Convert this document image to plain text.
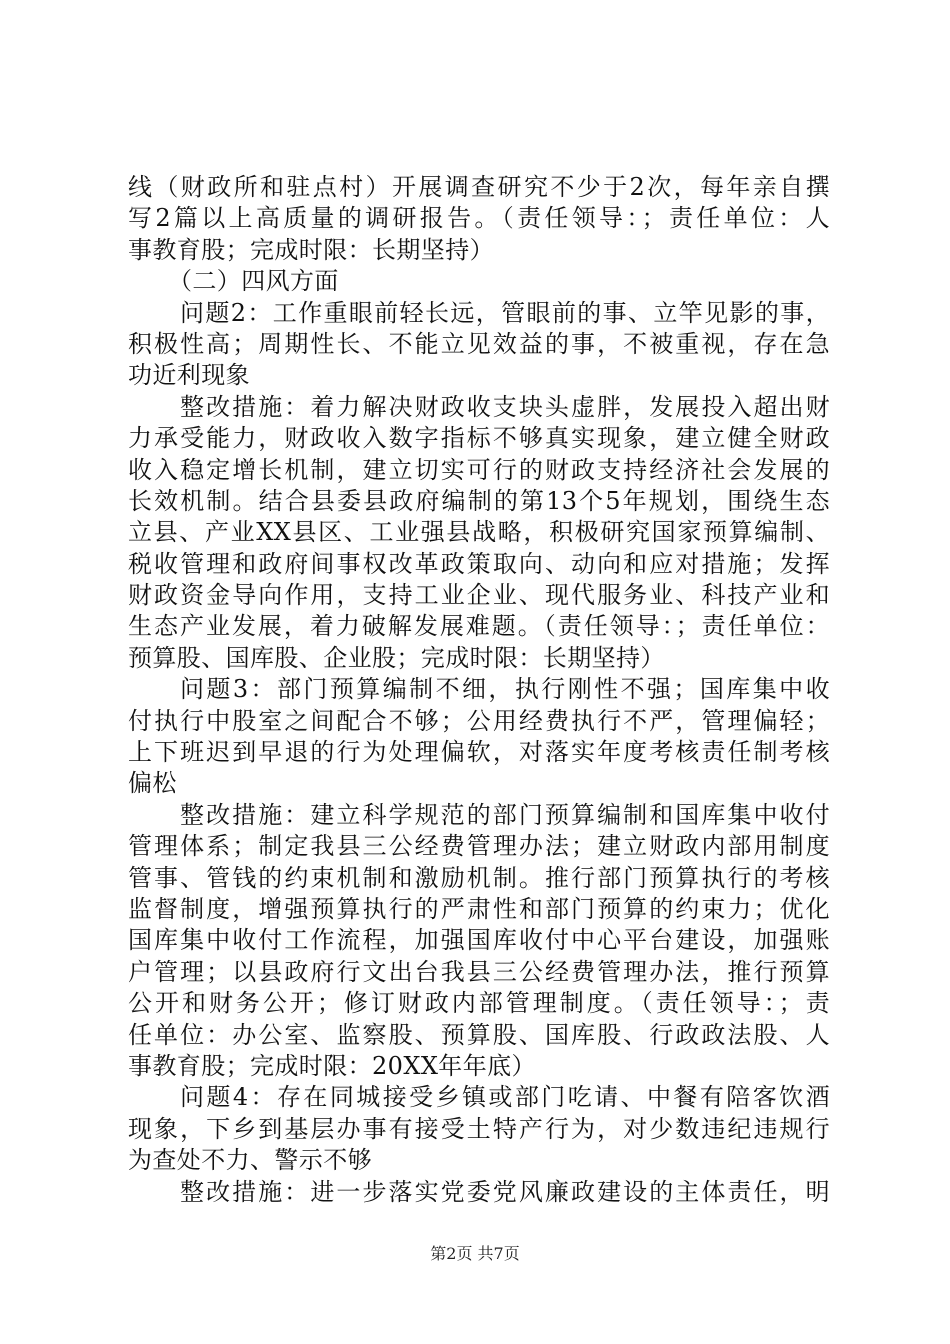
线（财政所和驻点村）开展调查研究不少于2次，每年亲自撰
写2篇以上高质量的调研报告。（责任领导：；责任单位：人
事教育股；完成时限：长期坚持）
（二）四风方面
问题2：工作重眼前轻长远，管眼前的事、立竿见影的事，
积极性高；周期性长、不能立见效益的事，不被重视，存在急
功近利现象
整改措施：着力解决财政收支块头虚胖，发展投入超出财
力承受能力，财政收入数字指标不够真实现象，建立健全财政
收入稳定增长机制，建立切实可行的财政支持经济社会发展的
长效机制。结合县委县政府编制的第13个5年规划，围绕生态
立县、产业XX县区、工业强县战略，积极研究国家预算编制、
税收管理和政府间事权改革政策取向、动向和应对措施；发挥
财政资金导向作用，支持工业企业、现代服务业、科技产业和
生态产业发展，着力破解发展难题。（责任领导：；责任单位：
预算股、国库股、企业股；完成时限：长期坚持）
问题3：部门预算编制不细，执行刚性不强；国库集中收
付执行中股室之间配合不够；公用经费执行不严，管理偏轻；
上下班迟到早退的行为处理偏软，对落实年度考核责任制考核
偏松
整改措施：建立科学规范的部门预算编制和国库集中收付
管理体系；制定我县三公经费管理办法；建立财政内部用制度
管事、管钱的约束机制和激励机制。推行部门预算执行的考核
监督制度，增强预算执行的严肃性和部门预算的约束力；优化
国库集中收付工作流程，加强国库收付中心平台建设，加强账
户管理；以县政府行文出台我县三公经费管理办法，推行预算
公开和财务公开；修订财政内部管理制度。（责任领导：；责
任单位：办公室、监察股、预算股、国库股、行政政法股、人
事教育股；完成时限：20XX年年底）
问题4：存在同城接受乡镇或部门吃请、中餐有陪客饮酒
现象，下乡到基层办事有接受土特产行为，对少数违纪违规行
为查处不力、警示不够
整改措施：进一步落实党委党风廉政建设的主体责任，明
第2页 共7页
